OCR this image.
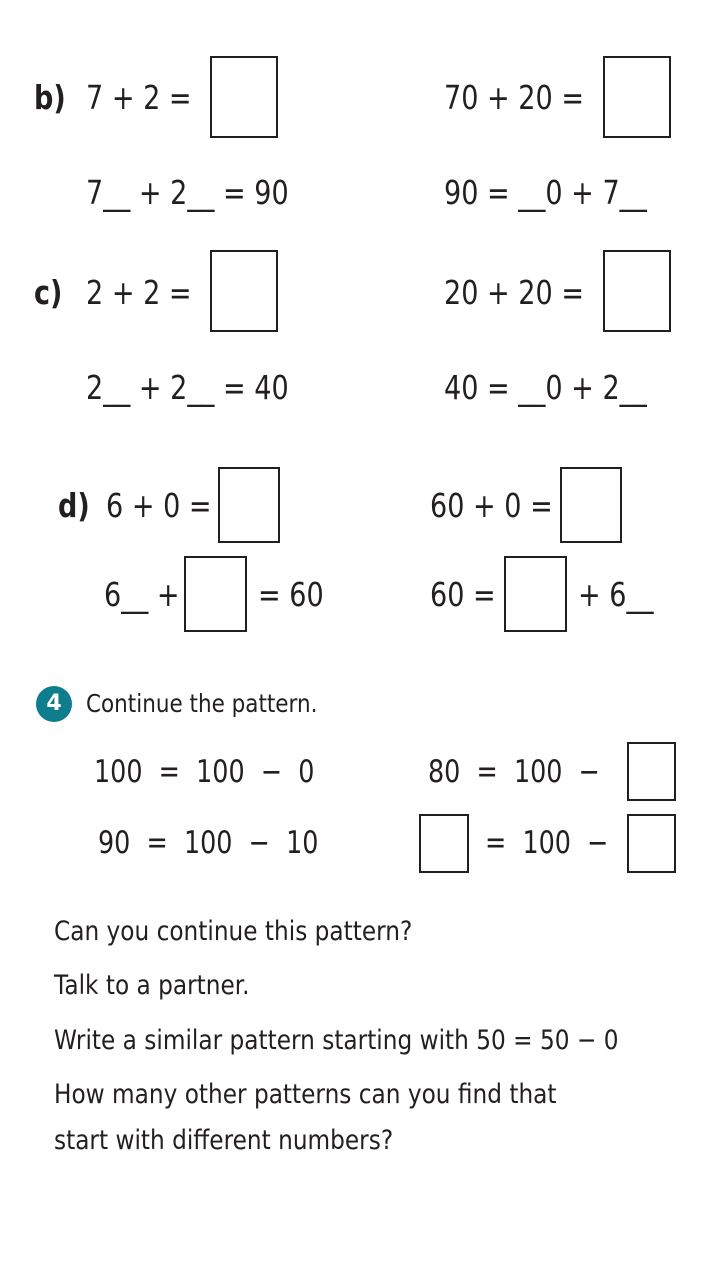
b) 7 + 2 =	70 + 20 =
7__ + 2__ = 90	90 = __0 + 7__
c) 2 + 2 =	20 + 20 =
2__ + 2__ = 40	40 = __0 + 2__
d) 6 + 0 =	60 + 0 =
6__ + = 60	60 = + 6__
4 Continue the pattern.
100  =  100  −  0	80  =  100  −
90  =  100  −  10	=  100  −
Can you continue this pattern?
Talk to a partner.
Write a similar pattern starting with 50 = 50 − 0
How many other patterns can you find that
start with different numbers?
